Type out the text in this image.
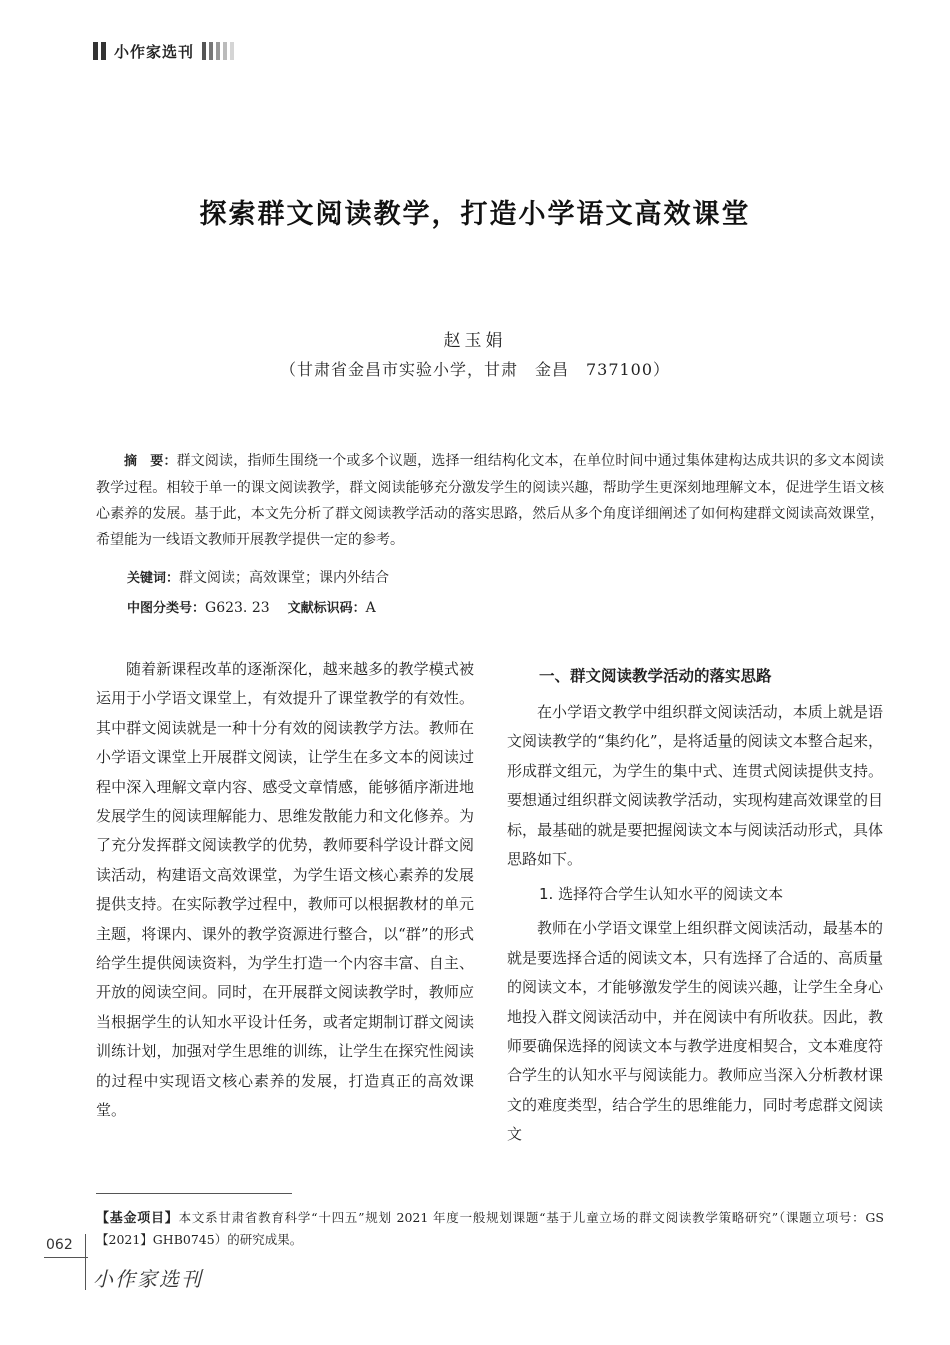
小作家选刊
探索群文阅读教学，打造小学语文高效课堂
赵玉娟
（甘肃省金昌市实验小学，甘肃　金昌　737100）

摘　要：群文阅读，指师生围绕一个或多个议题，选择一组结构化文本，在单位时间中通过集体建构达成共识的多文本阅读教学过程。相较于单一的课文阅读教学，群文阅读能够充分激发学生的阅读兴趣，帮助学生更深刻地理解文本，促进学生语文核心素养的发展。基于此，本文先分析了群文阅读教学活动的落实思路，然后从多个角度详细阐述了如何构建群文阅读高效课堂，希望能为一线语文教师开展教学提供一定的参考。

关键词：群文阅读；高效课堂；课内外结合
中图分类号：G623. 23 文献标识码：A

随着新课程改革的逐渐深化，越来越多的教学模式被运用于小学语文课堂上，有效提升了课堂教学的有效性。其中群文阅读就是一种十分有效的阅读教学方法。教师在小学语文课堂上开展群文阅读，让学生在多文本的阅读过程中深入理解文章内容、感受文章情感，能够循序渐进地发展学生的阅读理解能力、思维发散能力和文化修养。为了充分发挥群文阅读教学的优势，教师要科学设计群文阅读活动，构建语文高效课堂，为学生语文核心素养的发展提供支持。在实际教学过程中，教师可以根据教材的单元主题，将课内、课外的教学资源进行整合，以“群”的形式给学生提供阅读资料，为学生打造一个内容丰富、自主、开放的阅读空间。同时，在开展群文阅读教学时，教师应当根据学生的认知水平设计任务，或者定期制订群文阅读训练计划，加强对学生思维的训练，让学生在探究性阅读的过程中实现语文核心素养的发展，打造真正的高效课堂。

一、群文阅读教学活动的落实思路

在小学语文教学中组织群文阅读活动，本质上就是语文阅读教学的“集约化”，是将适量的阅读文本整合起来，形成群文组元，为学生的集中式、连贯式阅读提供支持。要想通过组织群文阅读教学活动，实现构建高效课堂的目标，最基础的就是要把握阅读文本与阅读活动形式，具体思路如下。

1. 选择符合学生认知水平的阅读文本

教师在小学语文课堂上组织群文阅读活动，最基本的就是要选择合适的阅读文本，只有选择了合适的、高质量的阅读文本，才能够激发学生的阅读兴趣，让学生全身心地投入群文阅读活动中，并在阅读中有所收获。因此，教师要确保选择的阅读文本与教学进度相契合，文本难度符合学生的认知水平与阅读能力。教师应当深入分析教材课文的难度类型，结合学生的思维能力，同时考虑群文阅读文

【基金项目】本文系甘肃省教育科学“十四五”规划 2021 年度一般规划课题“基于儿童立场的群文阅读教学策略研究”（课题立项号：GS【2021】GHB0745）的研究成果。
062
小作家选刊
